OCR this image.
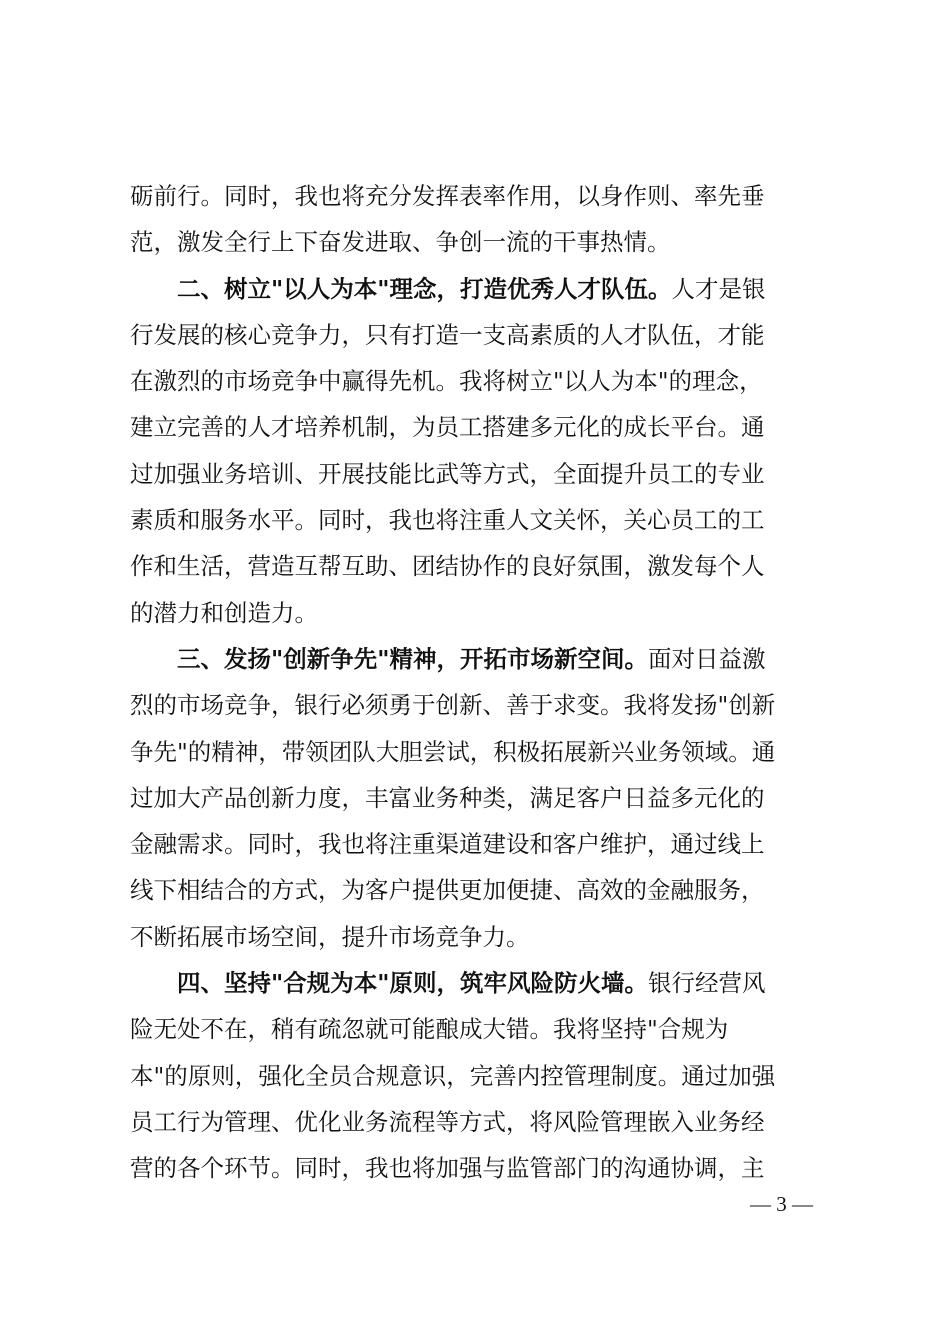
砺前行。同时，我也将充分发挥表率作用，以身作则、率先垂
范，激发全行上下奋发进取、争创一流的干事热情。
二、树立"以人为本"理念，打造优秀人才队伍。人才是银
行发展的核心竞争力，只有打造一支高素质的人才队伍，才能
在激烈的市场竞争中赢得先机。我将树立"以人为本"的理念，
建立完善的人才培养机制，为员工搭建多元化的成长平台。通
过加强业务培训、开展技能比武等方式，全面提升员工的专业
素质和服务水平。同时，我也将注重人文关怀，关心员工的工
作和生活，营造互帮互助、团结协作的良好氛围，激发每个人
的潜力和创造力。
三、发扬"创新争先"精神，开拓市场新空间。面对日益激
烈的市场竞争，银行必须勇于创新、善于求变。我将发扬"创新
争先"的精神，带领团队大胆尝试，积极拓展新兴业务领域。通
过加大产品创新力度，丰富业务种类，满足客户日益多元化的
金融需求。同时，我也将注重渠道建设和客户维护，通过线上
线下相结合的方式，为客户提供更加便捷、高效的金融服务，
不断拓展市场空间，提升市场竞争力。
四、坚持"合规为本"原则，筑牢风险防火墙。银行经营风
险无处不在，稍有疏忽就可能酿成大错。我将坚持"合规为
本"的原则，强化全员合规意识，完善内控管理制度。通过加强
员工行为管理、优化业务流程等方式，将风险管理嵌入业务经
营的各个环节。同时，我也将加强与监管部门的沟通协调，主
— 3 —
